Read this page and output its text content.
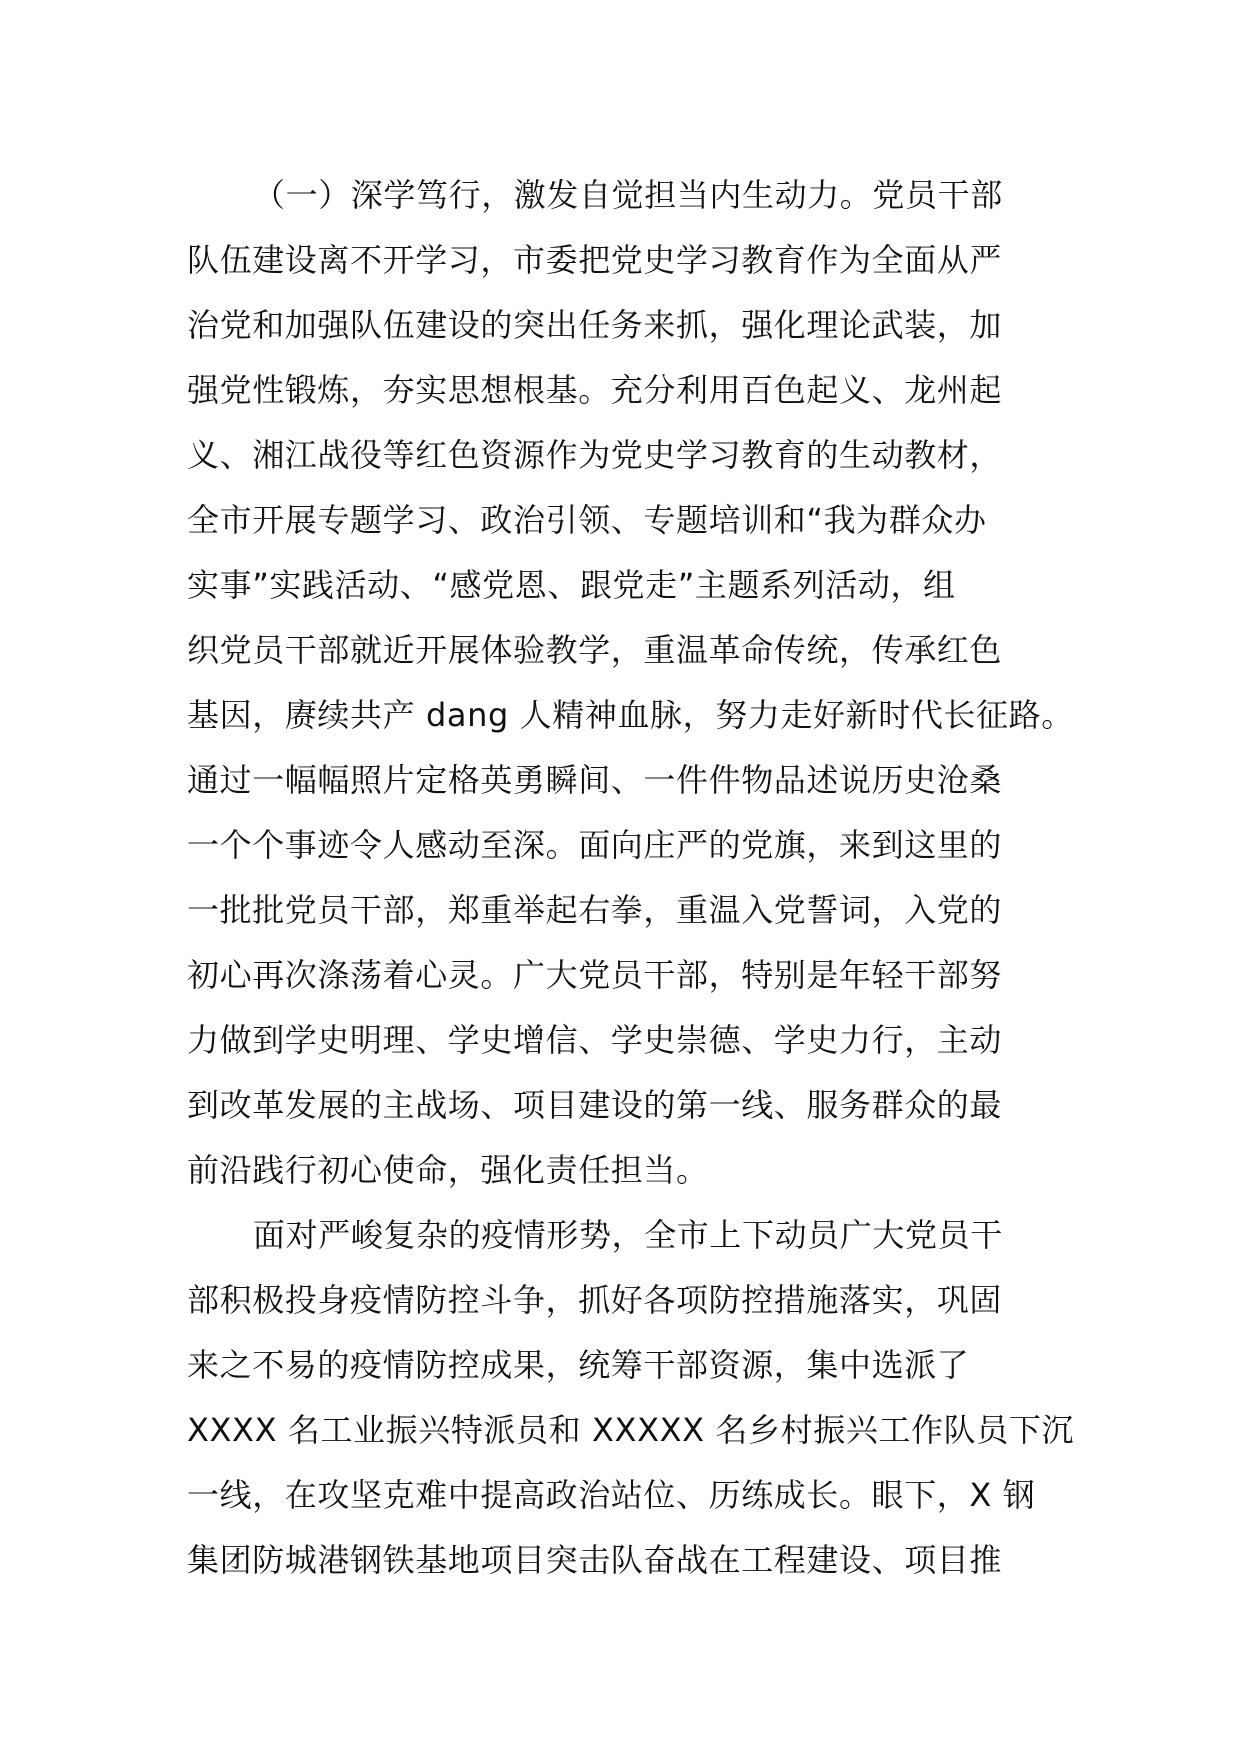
（一）深学笃行，激发自觉担当内生动力。党员干部
队伍建设离不开学习，市委把党史学习教育作为全面从严
治党和加强队伍建设的突出任务来抓，强化理论武装，加
强党性锻炼，夯实思想根基。充分利用百色起义、龙州起
义、湘江战役等红色资源作为党史学习教育的生动教材，
全市开展专题学习、政治引领、专题培训和“我为群众办
实事”实践活动、“感党恩、跟党走”主题系列活动，组
织党员干部就近开展体验教学，重温革命传统，传承红色
基因，赓续共产 dang 人精神血脉，努力走好新时代长征路。
通过一幅幅照片定格英勇瞬间、一件件物品述说历史沧桑
一个个事迹令人感动至深。面向庄严的党旗，来到这里的
一批批党员干部，郑重举起右拳，重温入党誓词，入党的
初心再次涤荡着心灵。广大党员干部，特别是年轻干部努
力做到学史明理、学史增信、学史崇德、学史力行，主动
到改革发展的主战场、项目建设的第一线、服务群众的最
前沿践行初心使命，强化责任担当。
面对严峻复杂的疫情形势，全市上下动员广大党员干
部积极投身疫情防控斗争，抓好各项防控措施落实，巩固
来之不易的疫情防控成果，统筹干部资源，集中选派了
XXXX 名工业振兴特派员和 XXXXX 名乡村振兴工作队员下沉
一线，在攻坚克难中提高政治站位、历练成长。眼下，X 钢
集团防城港钢铁基地项目突击队奋战在工程建设、项目推
